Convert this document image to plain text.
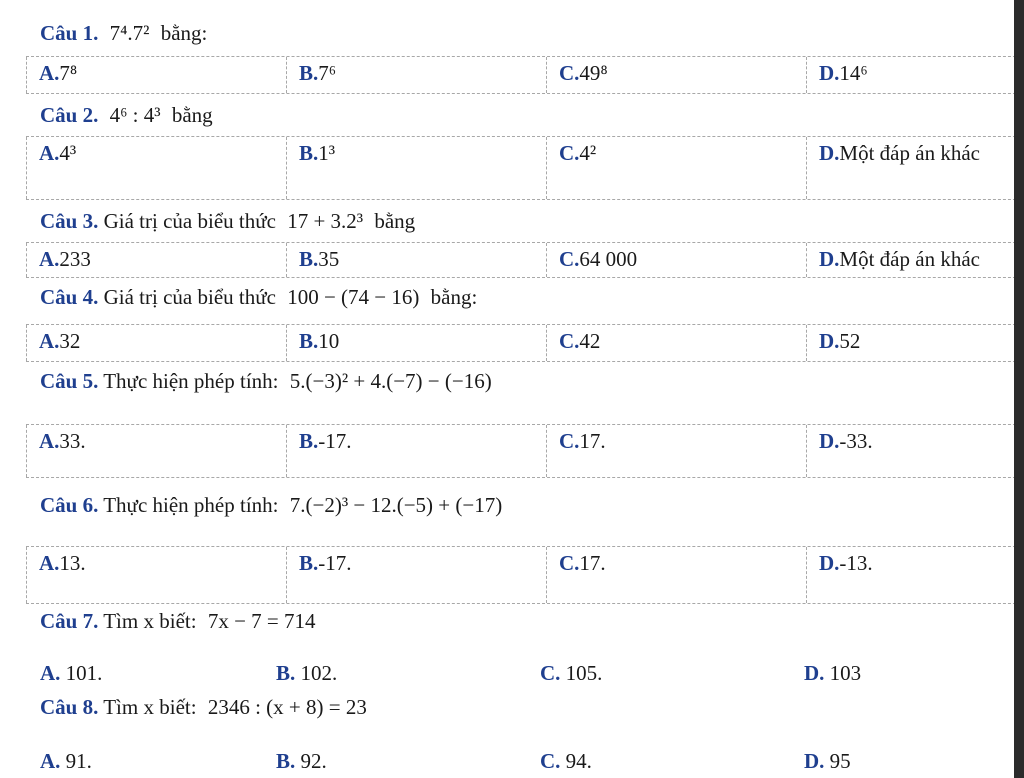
Câu 1. 7⁴.7² bằng:
A.7⁸	B.7⁶	C.49⁸	D.14⁶
Câu 2. 4⁶ : 4³ bằng
A.4³	B.1³	C.4²	D.Một đáp án khác
Câu 3. Giá trị của biểu thức 17 + 3.2³ bằng
A.233	B.35	C.64 000	D.Một đáp án khác
Câu 4. Giá trị của biểu thức 100 − (74 − 16) bằng:
A.32	B.10	C.42	D.52
Câu 5. Thực hiện phép tính: 5.(−3)² + 4.(−7) − (−16)
A.33.	B.-17.	C.17.	D.-33.
Câu 6. Thực hiện phép tính: 7.(−2)³ − 12.(−5) + (−17)
A.13.	B.-17.	C.17.	D.-13.
Câu 7. Tìm x biết: 7x − 7 = 714
A. 101.	B. 102.	C. 105.	D. 103
Câu 8. Tìm x biết: 2346 : (x + 8) = 23
A. 91.	B. 92.	C. 94.	D. 95
